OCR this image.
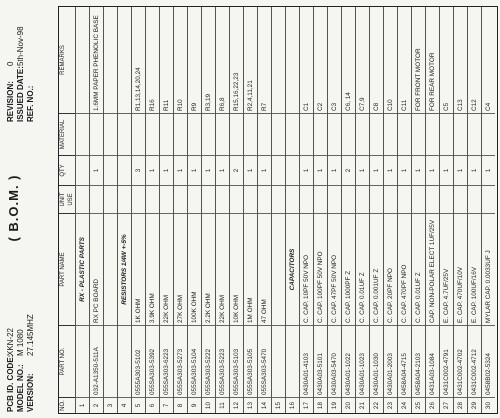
( B.O.M. )
PCB ID. CODE:XKN-22
MODEL NO.:M 1080
VERSION:27.145MHZ
REVISION:0
ISSUED DATE:5th-Nov-98
REF. NO.:
NO.
PART NO.
PART NAME
UNIT USE
QTY
MATERIAL
REMARKS
1
RX - PLASTIC PARTS
2
032-A1350-511A
RX PC BOARD
1
1.6MM PAPER PHENOLIC BASE
3	4
RESISTORS 1/4W +-5%
5
0555A303-5102
1K OHM
3
R1,13,14,20,24
6
055SA303-5392
3.9K OHM
1
R16
7
055SA303-6223
22K OHM
1
R11
8
055SA303-5273
27K OHM
1
R10
9
055SA303-5104
100K OHM
1
R9
10
055SA303-5222
2.2K OHM
1
R3,19
11
055SA303-5223
22K OHM
1
R6,8
12
055SA303-5103
10K OHM
2
R15,16,22,23
13
055SA303-5105
1M OHM
1
R2,4,11,21
14
055SA303-5470
47 OHM
1
R7
15	16
CAPACITORS
17
0430A01-4103
C. CAP. 10PF 50V NPO
1
C1
18
0430A03-5101
C. CAP. 100PF 50V NPO
1
C2
19
0430A03-5470
C. CAP. 47PF 50V NPO
1
C3
20
0430A01-1022
C. CAP. 1000PF Z
2
C6, 14
21
0430A01-1023
C. CAP. 0.01UF Z
1
C7,9
22
0430A01-1030
C. CAP. 0.001UF Z
1
C8
23
0430A01-2003
C. CAP. 20PF NPO
1
C10
24
0458A04-4715
C. CAP. 470PF NPO
1
C11
25
0458A04-2103
C. CAP. 0.01UF Z
1
FOR FRONT MOTOR
26
0431A03-1084
CAP. NON-POLAR ELECT 1UF/25V
1
FOR REAR MOTOR
27
0431C002-4791
E. CAP. 4.7UF/25V
1
C5
28
0431C002-4702
E. CAP. 470UF/10V
1
C13
29
0431C002-4712
E. CAP. 100UF/16V
1
C12
30
0458B02-5324
MYLAR CAP. 0.0033UF J
1
C4
